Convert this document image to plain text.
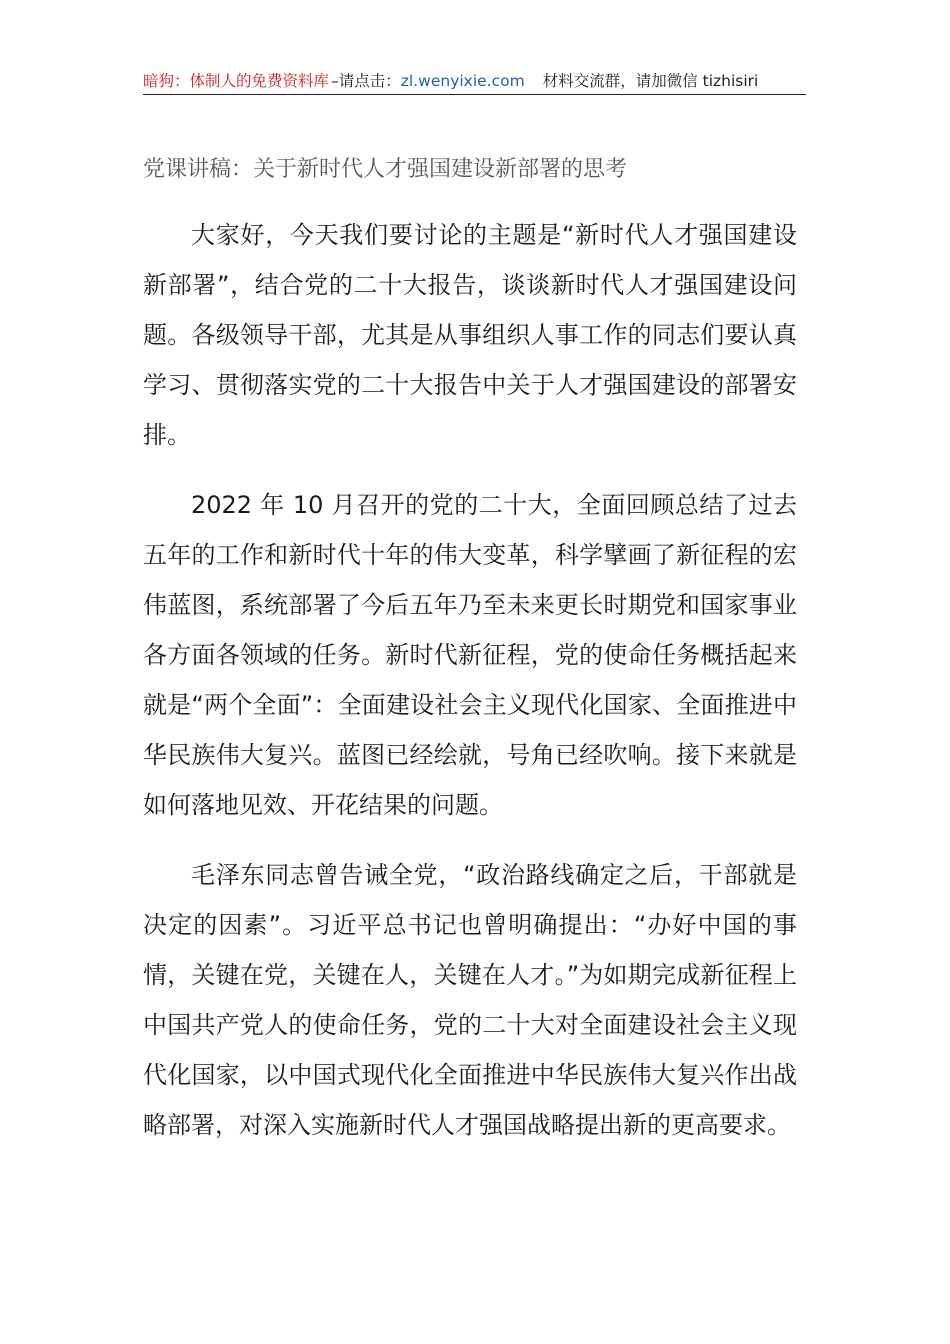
暗狗：体制人的免费资料库 –请点击：zl.wenyixie.com 材料交流群，请加微信 tizhisiri
党课讲稿：关于新时代人才强国建设新部署的思考

大家好，今天我们要讨论的主题是“新时代人才强国建设新部署”，结合党的二十大报告，谈谈新时代人才强国建设问题。各级领导干部，尤其是从事组织人事工作的同志们要认真学习、贯彻落实党的二十大报告中关于人才强国建设的部署安排。

2022 年 10 月召开的党的二十大，全面回顾总结了过去五年的工作和新时代十年的伟大变革，科学擘画了新征程的宏伟蓝图，系统部署了今后五年乃至未来更长时期党和国家事业各方面各领域的任务。新时代新征程，党的使命任务概括起来就是“两个全面”：全面建设社会主义现代化国家、全面推进中华民族伟大复兴。蓝图已经绘就，号角已经吹响。接下来就是如何落地见效、开花结果的问题。

毛泽东同志曾告诫全党，“政治路线确定之后，干部就是决定的因素”。习近平总书记也曾明确提出：“办好中国的事情，关键在党，关键在人，关键在人才。”为如期完成新征程上中国共产党人的使命任务，党的二十大对全面建设社会主义现代化国家，以中国式现代化全面推进中华民族伟大复兴作出战略部署，对深入实施新时代人才强国战略提出新的更高要求。
